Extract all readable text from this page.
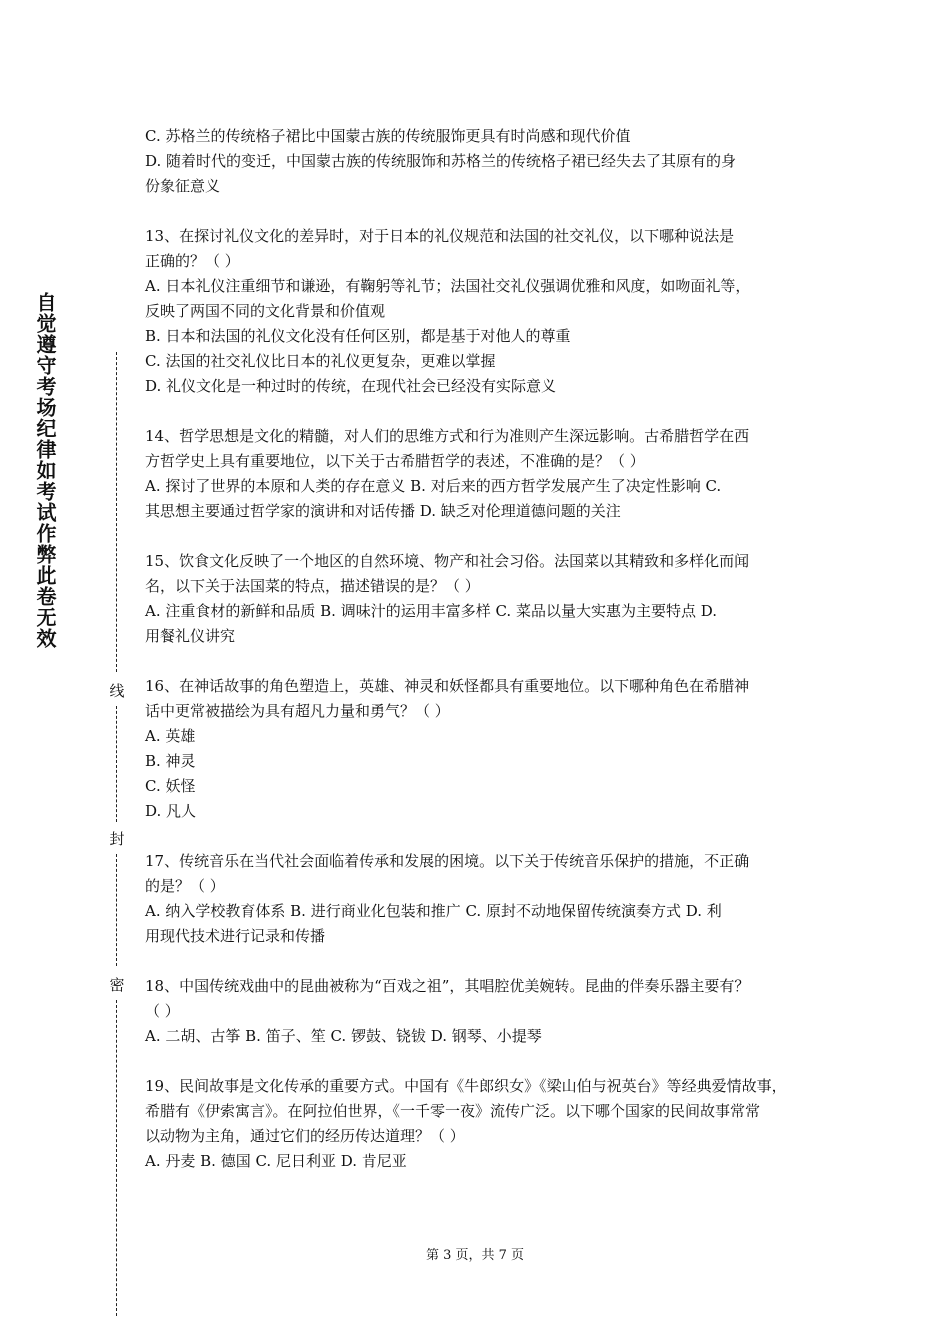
自觉遵守考场纪律如考试作弊此卷无效
线
封
密
C. 苏格兰的传统格子裙比中国蒙古族的传统服饰更具有时尚感和现代价值
D. 随着时代的变迁，中国蒙古族的传统服饰和苏格兰的传统格子裙已经失去了其原有的身
份象征意义
13、在探讨礼仪文化的差异时，对于日本的礼仪规范和法国的社交礼仪，以下哪种说法是
正确的？（ ）
A. 日本礼仪注重细节和谦逊，有鞠躬等礼节；法国社交礼仪强调优雅和风度，如吻面礼等，
反映了两国不同的文化背景和价值观
B. 日本和法国的礼仪文化没有任何区别，都是基于对他人的尊重
C. 法国的社交礼仪比日本的礼仪更复杂，更难以掌握
D. 礼仪文化是一种过时的传统，在现代社会已经没有实际意义
14、哲学思想是文化的精髓，对人们的思维方式和行为准则产生深远影响。古希腊哲学在西
方哲学史上具有重要地位，以下关于古希腊哲学的表述，不准确的是？（ ）
A. 探讨了世界的本原和人类的存在意义 B. 对后来的西方哲学发展产生了决定性影响 C.
其思想主要通过哲学家的演讲和对话传播 D. 缺乏对伦理道德问题的关注
15、饮食文化反映了一个地区的自然环境、物产和社会习俗。法国菜以其精致和多样化而闻
名，以下关于法国菜的特点，描述错误的是？（ ）
A. 注重食材的新鲜和品质 B. 调味汁的运用丰富多样 C. 菜品以量大实惠为主要特点 D.
用餐礼仪讲究
16、在神话故事的角色塑造上，英雄、神灵和妖怪都具有重要地位。以下哪种角色在希腊神
话中更常被描绘为具有超凡力量和勇气？（ ）
A. 英雄
B. 神灵
C. 妖怪
D. 凡人
17、传统音乐在当代社会面临着传承和发展的困境。以下关于传统音乐保护的措施，不正确
的是？（ ）
A. 纳入学校教育体系 B. 进行商业化包装和推广 C. 原封不动地保留传统演奏方式 D. 利
用现代技术进行记录和传播
18、中国传统戏曲中的昆曲被称为“百戏之祖”，其唱腔优美婉转。昆曲的伴奏乐器主要有？
（ ）
A. 二胡、古筝 B. 笛子、笙 C. 锣鼓、铙钹 D. 钢琴、小提琴
19、民间故事是文化传承的重要方式。中国有《牛郎织女》《梁山伯与祝英台》等经典爱情故事，
希腊有《伊索寓言》。在阿拉伯世界，《一千零一夜》流传广泛。以下哪个国家的民间故事常常
以动物为主角，通过它们的经历传达道理？（ ）
A. 丹麦 B. 德国 C. 尼日利亚 D. 肯尼亚
第 3 页，共 7 页
